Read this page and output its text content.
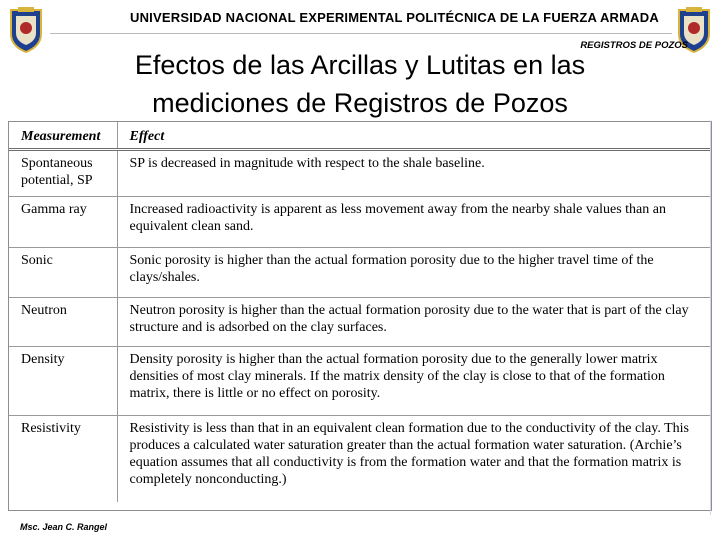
UNIVERSIDAD NACIONAL EXPERIMENTAL POLITÉCNICA DE LA FUERZA ARMADA
REGISTROS DE POZOS
Efectos de las Arcillas y Lutitas en las
mediciones de Registros de Pozos
Measurement	Effect
Spontaneous potential, SP	SP is decreased in magnitude with respect to the shale baseline.
Gamma ray	Increased radioactivity is apparent as less movement away from the nearby shale values than an equivalent clean sand.
Sonic	Sonic porosity is higher than the actual formation porosity due to the higher travel time of the clays/shales.
Neutron	Neutron porosity is higher than the actual formation porosity due to the water that is part of the clay structure and is adsorbed on the clay surfaces.
Density	Density porosity is higher than the actual formation porosity due to the generally lower matrix densities of most clay minerals. If the matrix density of the clay is close to that of the formation matrix, there is little or no effect on porosity.
Resistivity	Resistivity is less than that in an equivalent clean formation due to the conductivity of the clay. This produces a calculated water saturation greater than the actual formation water saturation. (Archie’s equation assumes that all conductivity is from the formation water and that the formation matrix is completely nonconducting.)
Msc. Jean C. Rangel
